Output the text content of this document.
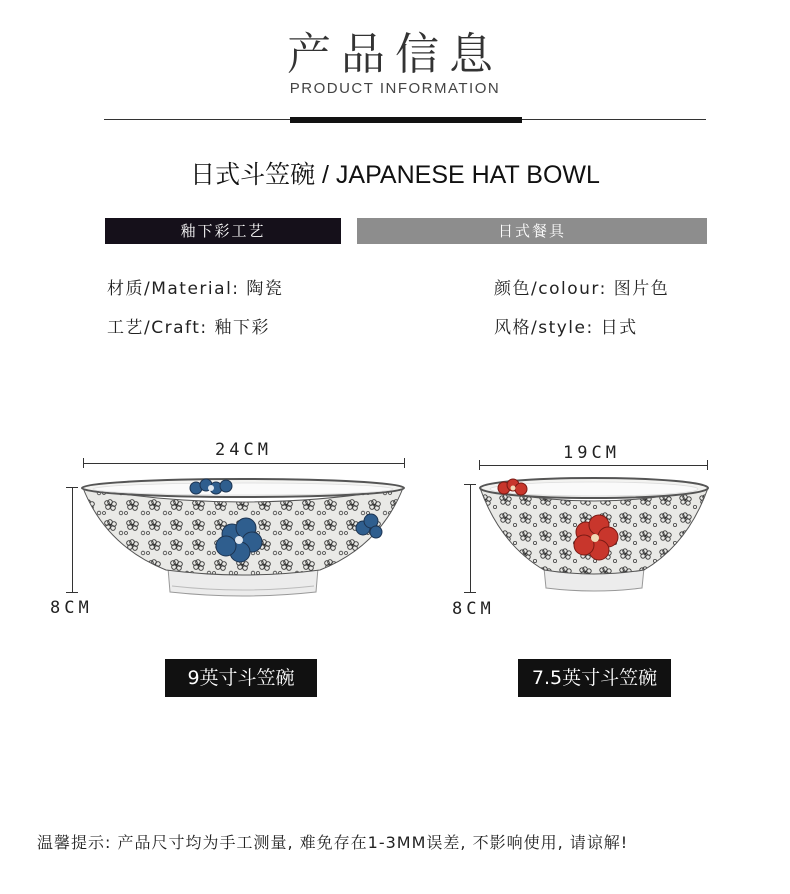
产品信息
PRODUCT INFORMATION
日式斗笠碗 / JAPANESE HAT BOWL
釉下彩工艺	日式餐具
材质/Material: 陶瓷	颜色/colour: 图片色
工艺/Craft: 釉下彩	风格/style: 日式
24CM
8CM
9英寸斗笠碗
19CM
8CM
7.5英寸斗笠碗
温馨提示: 产品尺寸均为手工测量, 难免存在1-3MM误差, 不影响使用, 请谅解!
